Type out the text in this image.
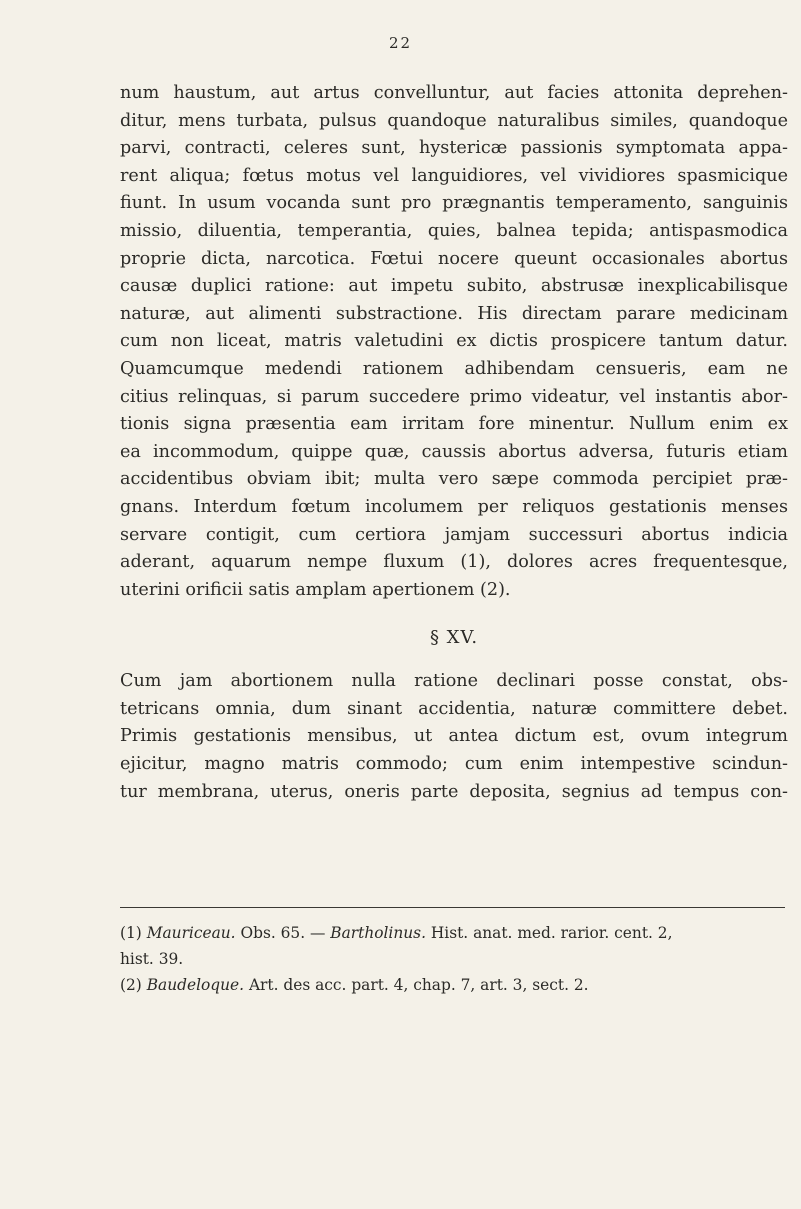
22
num haustum, aut artus convelluntur, aut facies attonita deprehen-
ditur, mens turbata, pulsus quandoque naturalibus similes, quandoque
parvi, contracti, celeres sunt, hystericæ passionis symptomata appa-
rent aliqua; fœtus motus vel languidiores, vel vividiores spasmicique
fiunt. In usum vocanda sunt pro prægnantis temperamento, sanguinis
missio, diluentia, temperantia, quies, balnea tepida; antispasmodica
proprie dicta, narcotica. Fœtui nocere queunt occasionales abortus
causæ duplici ratione: aut impetu subito, abstrusæ inexplicabilisque
naturæ, aut alimenti substractione. His directam parare medicinam
cum non liceat, matris valetudini ex dictis prospicere tantum datur.
Quamcumque medendi rationem adhibendam censueris, eam ne
citius relinquas, si parum succedere primo videatur, vel instantis abor-
tionis signa præsentia eam irritam fore minentur. Nullum enim ex
ea incommodum, quippe quæ, caussis abortus adversa, futuris etiam
accidentibus obviam ibit; multa vero sæpe commoda percipiet præ-
gnans. Interdum fœtum incolumem per reliquos gestationis menses
servare contigit, cum certiora jamjam successuri abortus indicia
aderant, aquarum nempe fluxum (1), dolores acres frequentesque,
uterini orificii satis amplam apertionem (2).
§ XV.
Cum jam abortionem nulla ratione declinari posse constat, obs-
tetricans omnia, dum sinant accidentia, naturæ committere debet.
Primis gestationis mensibus, ut antea dictum est, ovum integrum
ejicitur, magno matris commodo; cum enim intempestive scindun-
tur membrana, uterus, oneris parte deposita, segnius ad tempus con-
(1) Mauriceau. Obs. 65. — Bartholinus. Hist. anat. med. rarior. cent. 2,
hist. 39.
(2) Baudeloque. Art. des acc. part. 4, chap. 7, art. 3, sect. 2.
